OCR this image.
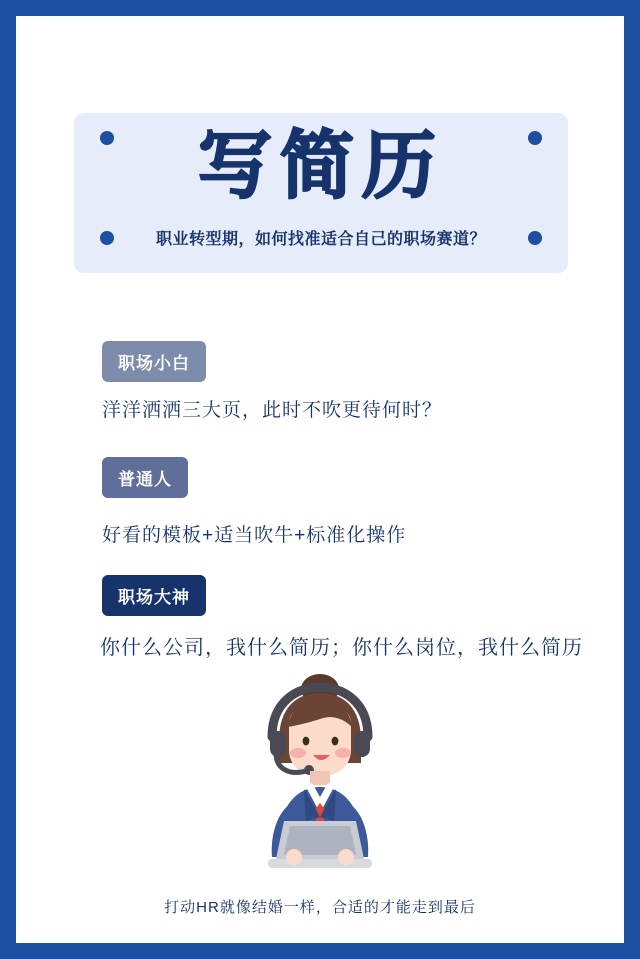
写简历
职业转型期，如何找准适合自己的职场赛道？
职场小白
洋洋洒洒三大页，此时不吹更待何时？
普通人
好看的模板+适当吹牛+标准化操作
职场大神
你什么公司，我什么简历；你什么岗位，我什么简历
打动HR就像结婚一样，合适的才能走到最后
